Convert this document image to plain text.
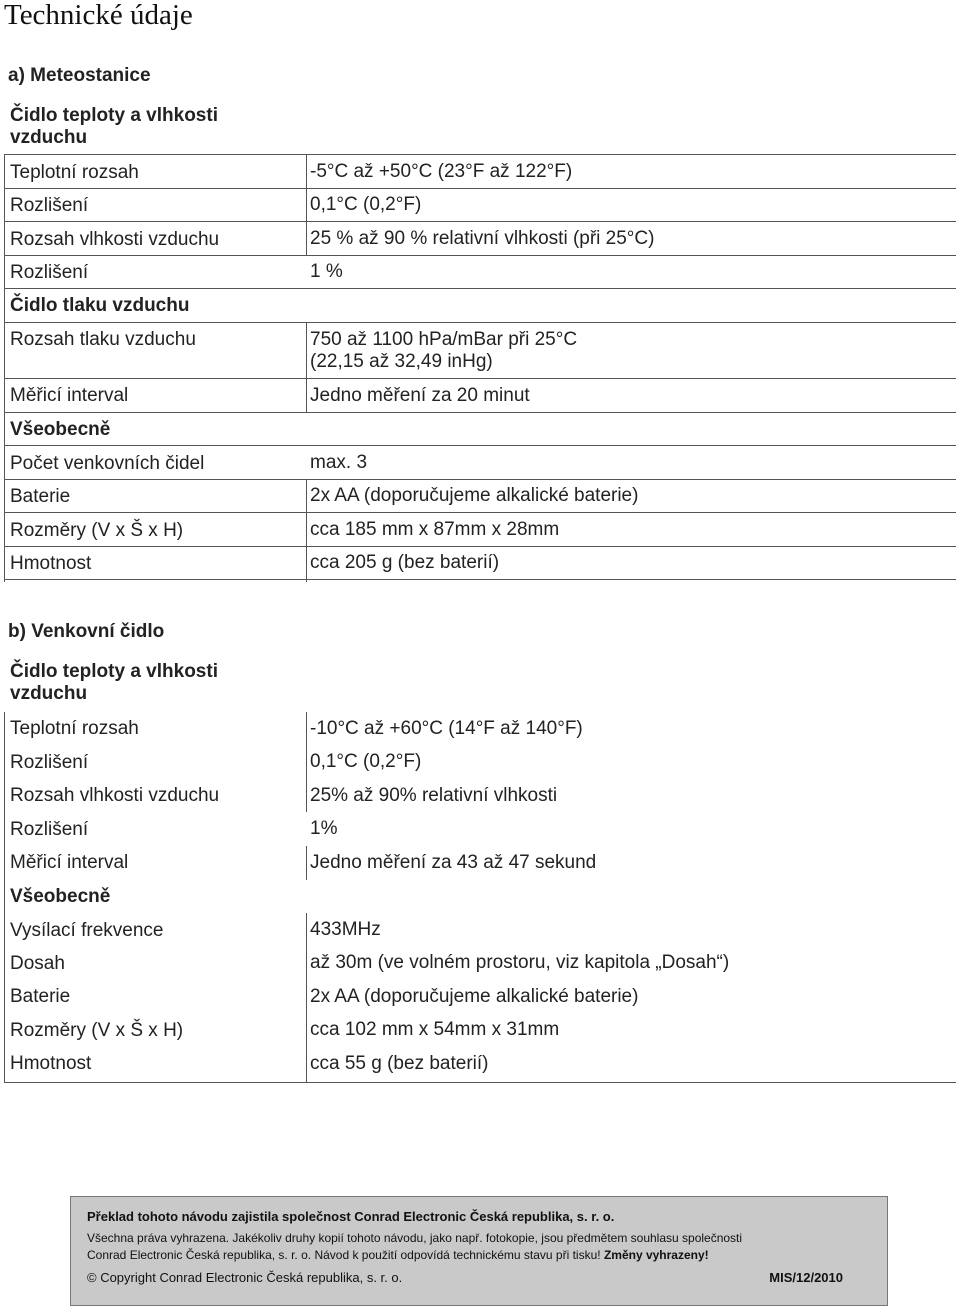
Technické údaje
a) Meteostanice
Čidlo teploty a vlhkosti vzduchu
Teplotní rozsah	-5°C až +50°C (23°F až 122°F)
Rozlišení	0,1°C (0,2°F)
Rozsah vlhkosti vzduchu	25 % až 90 % relativní vlhkosti (při 25°C)
Rozlišení	1 %
Čidlo tlaku vzduchu
Rozsah tlaku vzduchu	750 až 1100 hPa/mBar při 25°C
(22,15 až 32,49 inHg)
Měřicí interval	Jedno měření za 20 minut
Všeobecně
Počet venkovních čidel	max. 3
Baterie	2x AA (doporučujeme alkalické baterie)
Rozměry (V x Š x H)	cca 185 mm x 87mm x 28mm
Hmotnost	cca 205 g (bez baterií)
b) Venkovní čidlo
Čidlo teploty a vlhkosti vzduchu
Teplotní rozsah	-10°C až +60°C (14°F až 140°F)
Rozlišení	0,1°C (0,2°F)
Rozsah vlhkosti vzduchu	25% až 90% relativní vlhkosti
Rozlišení	1%
Měřicí interval	Jedno měření za 43 až 47 sekund
Všeobecně
Vysílací frekvence	433MHz
Dosah	až 30m (ve volném prostoru, viz kapitola „Dosah“)
Baterie	2x AA (doporučujeme alkalické baterie)
Rozměry (V x Š x H)	cca 102 mm x 54mm x 31mm
Hmotnost	cca 55 g (bez baterií)
Překlad tohoto návodu zajistila společnost Conrad Electronic Česká republika, s. r. o.
Všechna práva vyhrazena. Jakékoliv druhy kopií tohoto návodu, jako např. fotokopie, jsou předmětem souhlasu společnosti
Conrad Electronic Česká republika, s. r. o. Návod k použití odpovídá technickému stavu při tisku! Změny vyhrazeny!
© Copyright Conrad Electronic Česká republika, s. r. o.	MIS/12/2010
